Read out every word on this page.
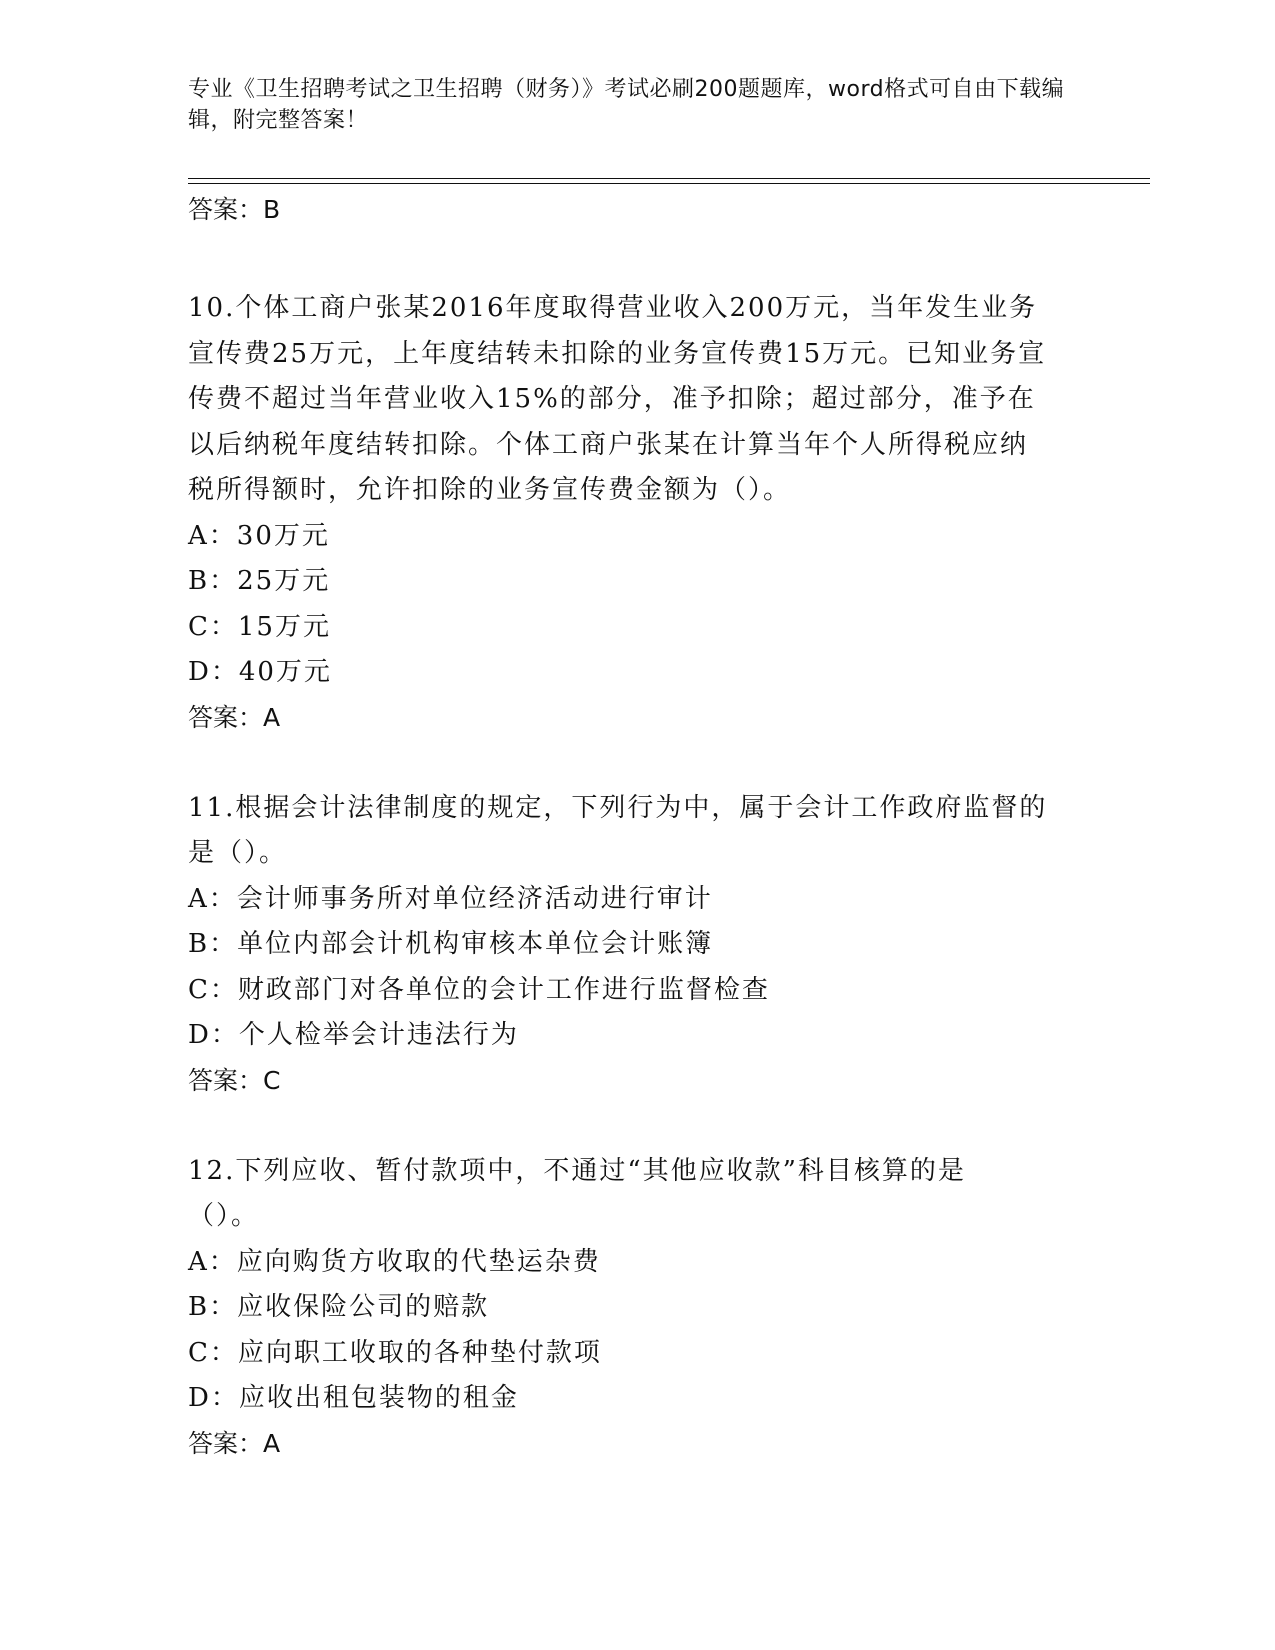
专业《卫生招聘考试之卫生招聘（财务）》考试必刷200题题库，word格式可自由下载编辑，附完整答案！
答案：B

10.个体工商户张某2016年度取得营业收入200万元，当年发生业务宣传费25万元，上年度结转未扣除的业务宣传费15万元。已知业务宣传费不超过当年营业收入15%的部分，准予扣除；超过部分，准予在以后纳税年度结转扣除。个体工商户张某在计算当年个人所得税应纳税所得额时，允许扣除的业务宣传费金额为（）。

A：30万元

B：25万元

C：15万元

D：40万元

答案：A

11.根据会计法律制度的规定，下列行为中，属于会计工作政府监督的是（）。

A：会计师事务所对单位经济活动进行审计

B：单位内部会计机构审核本单位会计账簿

C：财政部门对各单位的会计工作进行监督检查

D：个人检举会计违法行为

答案：C

12.下列应收、暂付款项中，不通过“其他应收款”科目核算的是（）。

A：应向购货方收取的代垫运杂费

B：应收保险公司的赔款

C：应向职工收取的各种垫付款项

D：应收出租包装物的租金

答案：A
